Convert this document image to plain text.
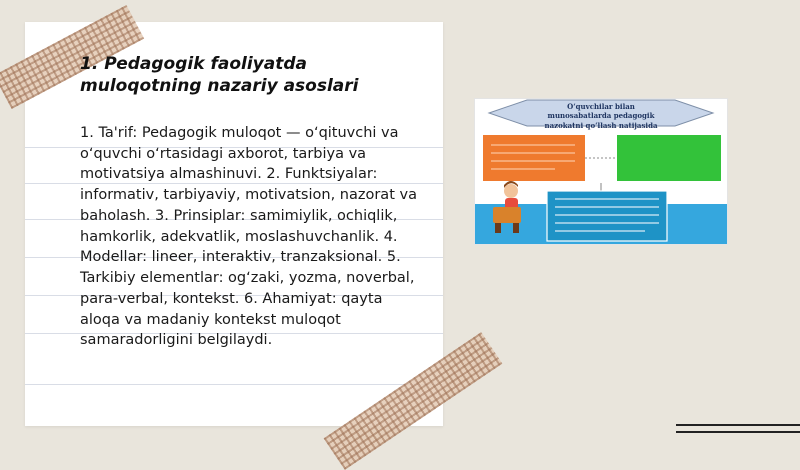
1. Pedagogik faoliyatda muloqotning nazariy asoslari

1. Ta'rif: Pedagogik muloqot — oʻqituvchi va oʻquvchi oʻrtasidagi axborot, tarbiya va motivatsiya almashinuvi. 2. Funktsiyalar: informativ, tarbiyaviy, motivatsion, nazorat va baholash. 3. Prinsiplar: samimiylik, ochiqlik, hamkorlik, adekvatlik, moslashuvchanlik. 4. Modellar: lineer, interaktiv, tranzaksional. 5. Tarkibiy elementlar: ogʻzaki, yozma, noverbal, para-verbal, kontekst. 6. Ahamiyat: qayta aloqa va madaniy kontekst muloqot samaradorligini belgilaydi.

O‘quvchilar bilan
munosabatlarda pedagogik
nazokatni qo‘llash natijasida
